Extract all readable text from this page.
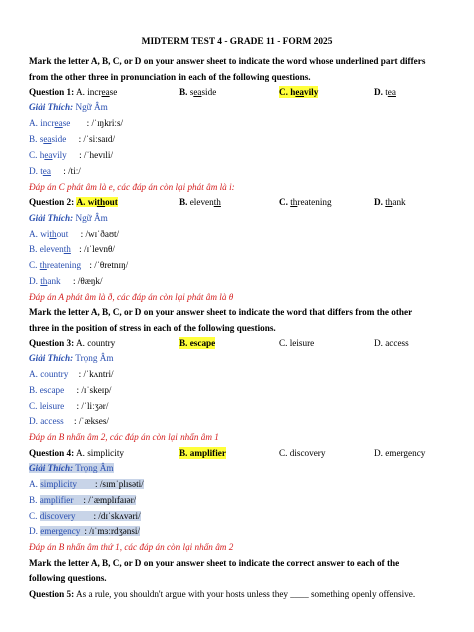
MIDTERM TEST 4 - GRADE 11 - FORM 2025
Mark the letter A, B, C, or D on your answer sheet to indicate the word whose underlined part differs
from the other three in pronunciation in each of the following questions.
Question 1: A. increase	B. seaside	C. heavily	D. tea
Giải Thích: Ngữ Âm
A. increase : /ˈɪŋkriːs/
B. seaside : /ˈsiːsaɪd/
C. heavily : /ˈhevɪli/
D. tea : /tiː/
Đáp án C phát âm là e, các đáp án còn lại phát âm là i:
Question 2: A. without	B. eleventh	C. threatening	D. thank
Giải Thích: Ngữ Âm
A. without : /wɪˈðaʊt/
B. eleventh : /ɪˈlevnθ/
C. threatening : /ˈθretnɪŋ/
D. thank : /θæŋk/
Đáp án A phát âm là ð, các đáp án còn lại phát âm là θ
Mark the letter A, B, C, or D on your answer sheet to indicate the word that differs from the other
three in the position of stress in each of the following questions.
Question 3: A. country	B. escape	C. leisure	D. access
Giải Thích: Trọng Âm
A. country : /ˈkʌntri/
B. escape : /ɪˈskeɪp/
C. leisure : /ˈliːʒər/
D. access : /ˈækses/
Đáp án B nhấn âm 2, các đáp án còn lại nhấn âm 1
Question 4: A. simplicity	B. amplifier	C. discovery	D. emergency
Giải Thích: Trọng Âm
A. simplicity : /sɪmˈplɪsəti/
B. amplifier : /ˈæmplɪfaɪər/
C. discovery : /dɪˈskʌvəri/
D. emergency : /ɪˈmɜːrdʒənsi/
Đáp án B nhấn âm thứ 1, các đáp án còn lại nhấn âm 2
Mark the letter A, B, C, or D on your answer sheet to indicate the correct answer to each of the
following questions.
Question 5: As a rule, you shouldn't argue with your hosts unless they ____ something openly offensive.
